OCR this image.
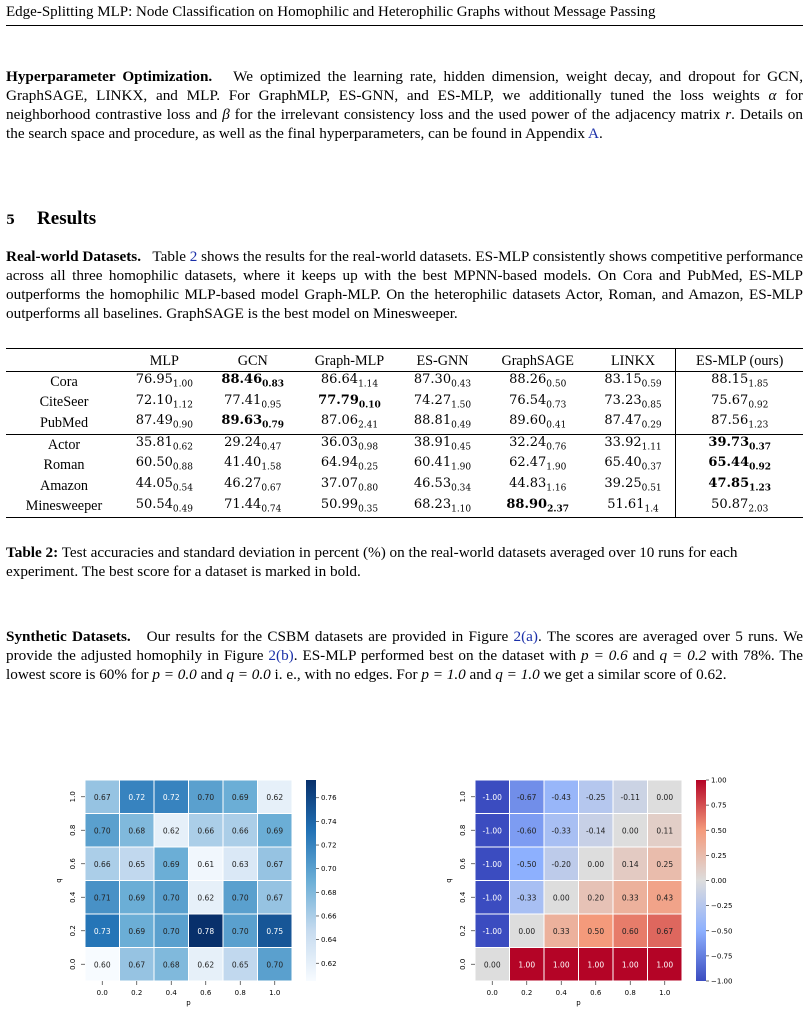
Edge-Splitting MLP: Node Classification on Homophilic and Heterophilic Graphs without Message Passing
Hyperparameter Optimization. We optimized the learning rate, hidden dimension, weight decay, and dropout for GCN, GraphSAGE, LINKX, and MLP. For GraphMLP, ES-GNN, and ES-MLP, we additionally tuned the loss weights α for neighborhood contrastive loss and β for the irrelevant consistency loss and the used power of the adjacency matrix r. Details on the search space and procedure, as well as the final hyperparameters, can be found in Appendix A.
5 Results
Real-world Datasets. Table 2 shows the results for the real-world datasets. ES-MLP consistently shows competitive performance across all three homophilic datasets, where it keeps up with the best MPNN-based models. On Cora and PubMed, ES-MLP outperforms the homophilic MLP-based model Graph-MLP. On the heterophilic datasets Actor, Roman, and Amazon, ES-MLP outperforms all baselines. GraphSAGE is the best model on Minesweeper.
	MLP	GCN	Graph-MLP	ES-GNN	GraphSAGE	LINKX	ES-MLP (ours)
Cora	$76.95_{1.00}$	$88.46_{0.83}$	$86.64_{1.14}$	$87.30_{0.43}$	$88.26_{0.50}$	$83.15_{0.59}$	$88.15_{1.85}$
CiteSeer	$72.10_{1.12}$	$77.41_{0.95}$	$77.79_{0.10}$	$74.27_{1.50}$	$76.54_{0.73}$	$73.23_{0.85}$	$75.67_{0.92}$
PubMed	$87.49_{0.90}$	$89.63_{0.79}$	$87.06_{2.41}$	$88.81_{0.49}$	$89.60_{0.41}$	$87.47_{0.29}$	$87.56_{1.23}$
Actor	$35.81_{0.62}$	$29.24_{0.47}$	$36.03_{0.98}$	$38.91_{0.45}$	$32.24_{0.76}$	$33.92_{1.11}$	$39.73_{0.37}$
Roman	$60.50_{0.88}$	$41.40_{1.58}$	$64.94_{0.25}$	$60.41_{1.90}$	$62.47_{1.90}$	$65.40_{0.37}$	$65.44_{0.92}$
Amazon	$44.05_{0.54}$	$46.27_{0.67}$	$37.07_{0.80}$	$46.53_{0.34}$	$44.83_{1.16}$	$39.25_{0.51}$	$47.85_{1.23}$
Minesweeper	$50.54_{0.49}$	$71.44_{0.74}$	$50.99_{0.35}$	$68.23_{1.10}$	$88.90_{2.37}$	$51.61_{1.4}$	$50.87_{2.03}$
Table 2: Test accuracies and standard deviation in percent (%) on the real-world datasets averaged over 10 runs for each experiment. The best score for a dataset is marked in bold.
Synthetic Datasets. Our results for the CSBM datasets are provided in Figure 2(a). The scores are averaged over 5 runs. We provide the adjusted homophily in Figure 2(b). ES-MLP performed best on the dataset with p = 0.6 and q = 0.2 with 78%. The lowest score is 60% for p = 0.0 and q = 0.0 i. e., with no edges. For p = 1.0 and q = 1.0 we get a similar score of 0.62.
0.67 0.72 0.72 0.70 0.69 0.62
0.70 0.68 0.62 0.66 0.66 0.69
0.66 0.65 0.69 0.61 0.63 0.67
0.71 0.69 0.70 0.62 0.70 0.67
0.73 0.69 0.70 0.78 0.70 0.75
0.60 0.67 0.68 0.62 0.65 0.70
1.0
0.8
0.6
0.4
0.2
0.0
0.0	0.2	0.4	0.6	0.8	1.0
p
q
0.62
0.64
0.66
0.68
0.70
0.72
0.74
0.76	-1.00 -0.67 -0.43 -0.25 -0.11 0.00
-1.00 -0.60 -0.33 -0.14 0.00 0.11
-1.00 -0.50 -0.20 0.00 0.14 0.25
-1.00 -0.33 0.00 0.20 0.33 0.43
-1.00 0.00 0.33 0.50 0.60 0.67
0.00 1.00 1.00 1.00 1.00 1.00
1.0
0.8
0.6
0.4
0.2
0.0
0.0	0.2	0.4	0.6	0.8	1.0
p
q
1.00
0.75
0.50
0.25
0.00
−0.25
−0.50
−0.75
−1.00
